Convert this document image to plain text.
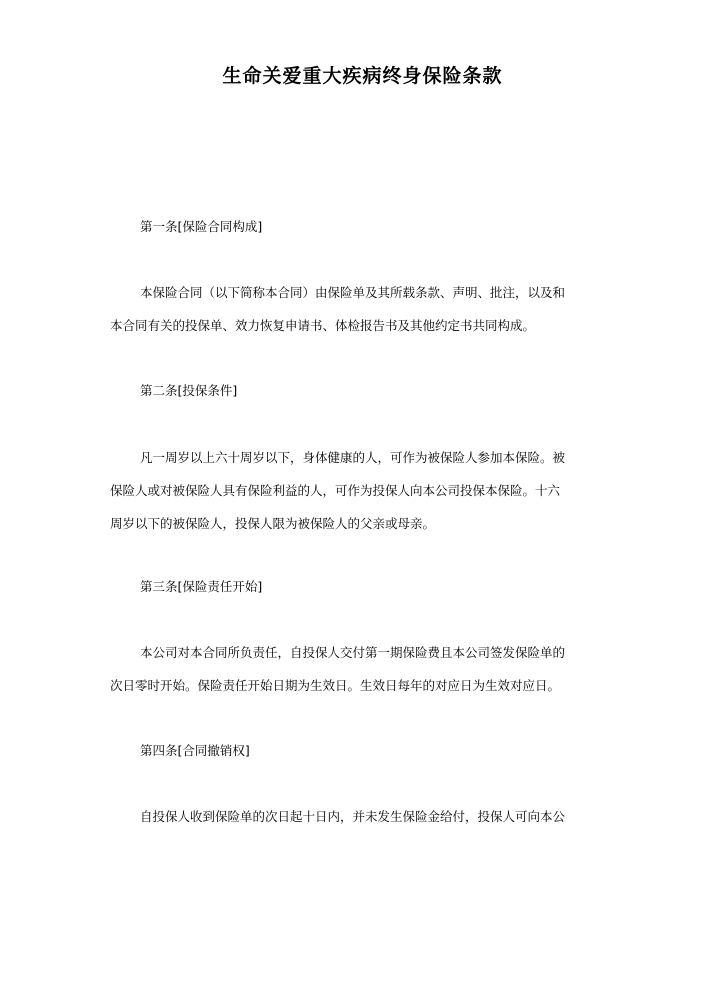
生命关爱重大疾病终身保险条款
第一条[保险合同构成]
本保险合同（以下简称本合同）由保险单及其所载条款、声明、批注，以及和
本合同有关的投保单、效力恢复申请书、体检报告书及其他约定书共同构成。
第二条[投保条件]
凡一周岁以上六十周岁以下，身体健康的人，可作为被保险人参加本保险。被
保险人或对被保险人具有保险利益的人，可作为投保人向本公司投保本保险。十六
周岁以下的被保险人，投保人限为被保险人的父亲或母亲。
第三条[保险责任开始]
本公司对本合同所负责任，自投保人交付第一期保险费且本公司签发保险单的
次日零时开始。保险责任开始日期为生效日。生效日每年的对应日为生效对应日。
第四条[合同撤销权]
自投保人收到保险单的次日起十日内，并未发生保险金给付，投保人可向本公
